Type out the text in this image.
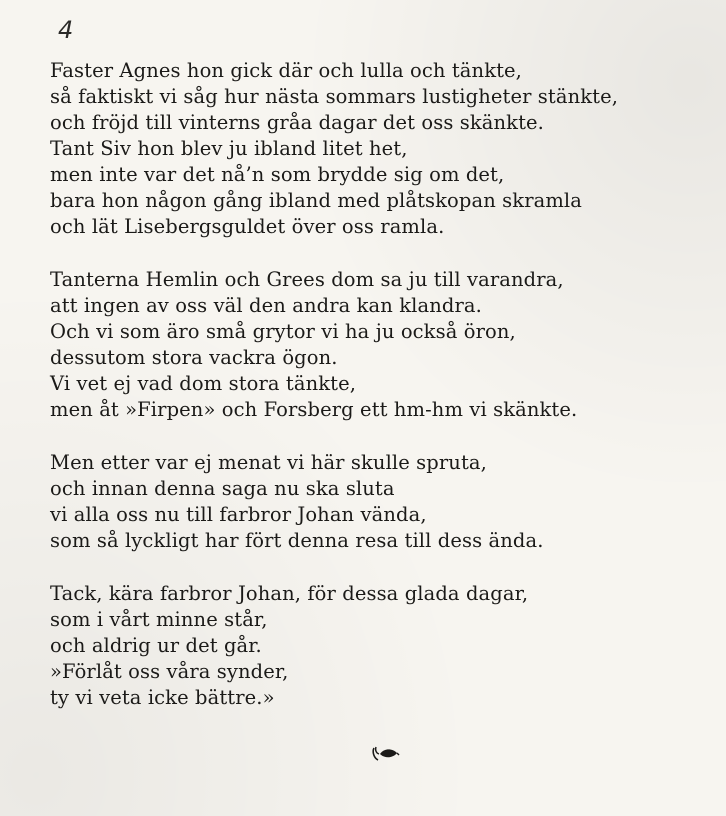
4
Faster Agnes hon gick där och lulla och tänkte,
så faktiskt vi såg hur nästa sommars lustigheter stänkte,
och fröjd till vinterns gråa dagar det oss skänkte.
Tant Siv hon blev ju ibland litet het,
men inte var det nå’n som brydde sig om det,
bara hon någon gång ibland med plåtskopan skramla
och lät Lisebergsguldet över oss ramla.
Tanterna Hemlin och Grees dom sa ju till varandra,
att ingen av oss väl den andra kan klandra.
Och vi som äro små grytor vi ha ju också öron,
dessutom stora vackra ögon.
Vi vet ej vad dom stora tänkte,
men åt »Firpen» och Forsberg ett hm-hm vi skänkte.
Men etter var ej menat vi här skulle spruta,
och innan denna saga nu ska sluta
vi alla oss nu till farbror Johan vända,
som så lyckligt har fört denna resa till dess ända.
Tack, kära farbror Johan, för dessa glada dagar,
som i vårt minne står,
och aldrig ur det går.
»Förlåt oss våra synder,
ty vi veta icke bättre.»
